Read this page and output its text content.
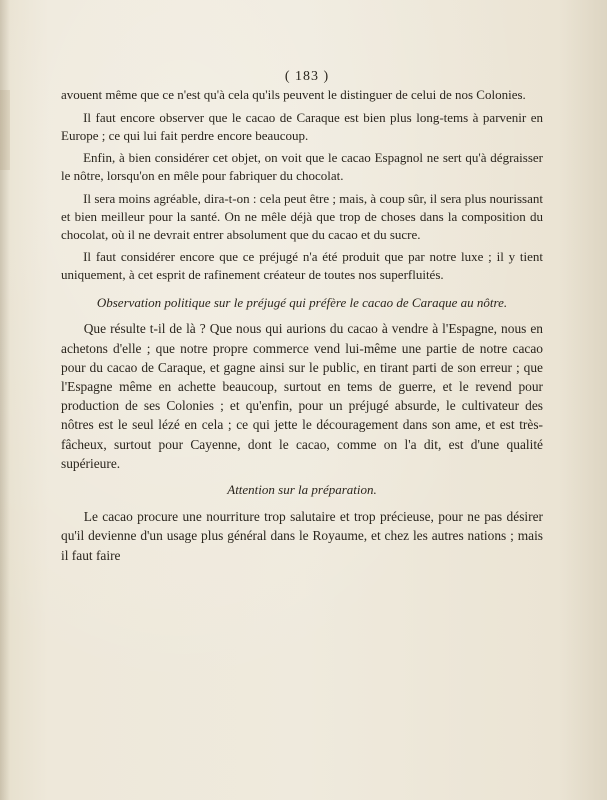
( 183 )

avouent même que ce n'est qu'à cela qu'ils peuvent le distinguer de celui de nos Colonies.

Il faut encore observer que le cacao de Caraque est bien plus long-tems à parvenir en Europe ; ce qui lui fait perdre encore beaucoup.

Enfin, à bien considérer cet objet, on voit que le cacao Espagnol ne sert qu'à dégraisser le nôtre, lorsqu'on en mêle pour fabriquer du chocolat.

Il sera moins agréable, dira-t-on : cela peut être ; mais, à coup sûr, il sera plus nourissant et bien meilleur pour la santé. On ne mêle déjà que trop de choses dans la composition du chocolat, où il ne devrait entrer absolument que du cacao et du sucre.

Il faut considérer encore que ce préjugé n'a été produit que par notre luxe ; il y tient uniquement, à cet esprit de rafinement créateur de toutes nos superfluités.

Observation politique sur le préjugé qui préfère le cacao de Caraque au nôtre.

Que résulte t-il de là ? Que nous qui aurions du cacao à vendre à l'Espagne, nous en achetons d'elle ; que notre propre commerce vend lui-même une partie de notre cacao pour du cacao de Caraque, et gagne ainsi sur le public, en tirant parti de son erreur ; que l'Espagne même en achette beaucoup, surtout en tems de guerre, et le revend pour production de ses Colonies ; et qu'enfin, pour un préjugé absurde, le cultivateur des nôtres est le seul lézé en cela ; ce qui jette le découragement dans son ame, et est très-fâcheux, surtout pour Cayenne, dont le cacao, comme on l'a dit, est d'une qualité supérieure.

Attention sur la préparation.

Le cacao procure une nourriture trop salutaire et trop précieuse, pour ne pas désirer qu'il devienne d'un usage plus général dans le Royaume, et chez les autres nations ; mais il faut faire
